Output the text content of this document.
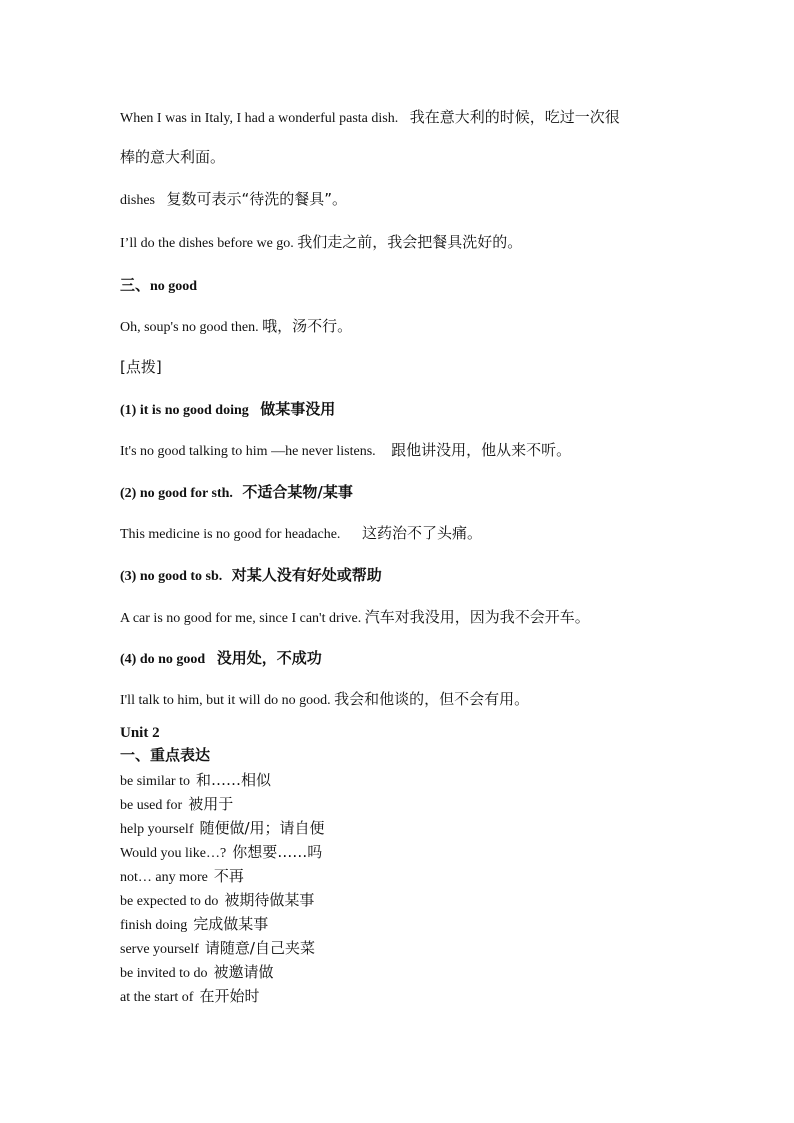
When I was in Italy, I had a wonderful pasta dish. 我在意大利的时候，吃过一次很
棒的意大利面。
dishes 复数可表示“待洗的餐具”。
I’ll do the dishes before we go. 我们走之前，我会把餐具洗好的。
三、no good
Oh, soup's no good then. 哦，汤不行。
[点拨]
(1) it is no good doing 做某事没用
It's no good talking to him —he never listens. 跟他讲没用，他从来不听。
(2) no good for sth. 不适合某物/某事
This medicine is no good for headache. 这药治不了头痛。
(3) no good to sb. 对某人没有好处或帮助
A car is no good for me, since I can't drive. 汽车对我没用，因为我不会开车。
(4) do no good 没用处，不成功
I'll talk to him, but it will do no good. 我会和他谈的，但不会有用。
Unit 2
一、重点表达
be similar to 和……相似
be used for 被用于
help yourself 随便做/用；请自便
Would you like…? 你想要……吗
not… any more 不再
be expected to do 被期待做某事
finish doing 完成做某事
serve yourself 请随意/自己夹菜
be invited to do 被邀请做
at the start of 在开始时
